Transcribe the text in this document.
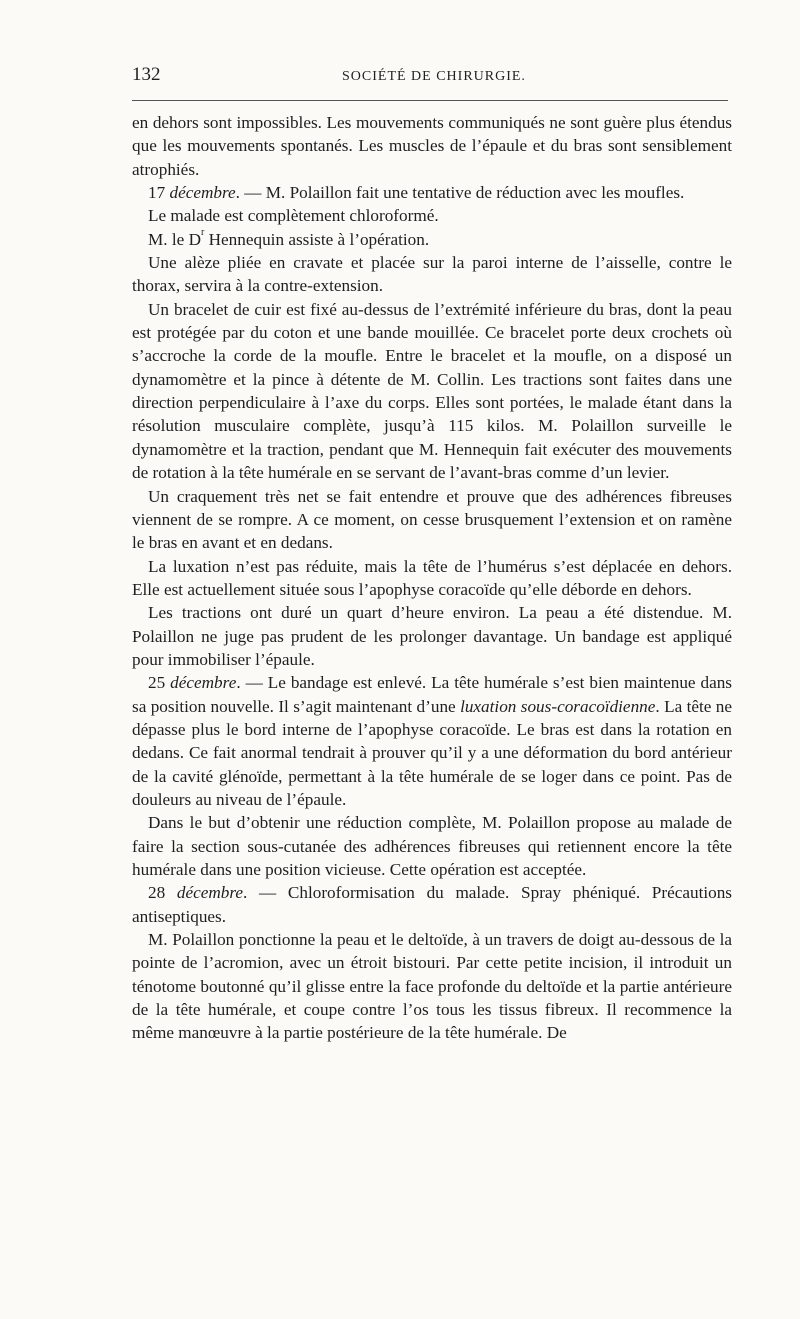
132	SOCIÉTÉ DE CHIRURGIE.

en dehors sont impossibles. Les mouvements communiqués ne sont guère plus étendus que les mouvements spontanés. Les muscles de l’épaule et du bras sont sensiblement atrophiés.

17 décembre. — M. Polaillon fait une tentative de réduction avec les moufles.

Le malade est complètement chloroformé.

M. le $D^r$ Hennequin assiste à l’opération.

Une alèze pliée en cravate et placée sur la paroi interne de l’aisselle, contre le thorax, servira à la contre-extension.

Un bracelet de cuir est fixé au-dessus de l’extrémité inférieure du bras, dont la peau est protégée par du coton et une bande mouillée. Ce bracelet porte deux crochets où s’accroche la corde de la moufle. Entre le bracelet et la moufle, on a disposé un dynamomètre et la pince à détente de M. Collin. Les tractions sont faites dans une direction perpendiculaire à l’axe du corps. Elles sont portées, le malade étant dans la résolution musculaire complète, jusqu’à 115 kilos. M. Polaillon surveille le dynamomètre et la traction, pendant que M. Hennequin fait exécuter des mouvements de rotation à la tête humérale en se servant de l’avant-bras comme d’un levier.

Un craquement très net se fait entendre et prouve que des adhérences fibreuses viennent de se rompre. A ce moment, on cesse brusquement l’extension et on ramène le bras en avant et en dedans.

La luxation n’est pas réduite, mais la tête de l’humérus s’est déplacée en dehors. Elle est actuellement située sous l’apophyse coracoïde qu’elle déborde en dehors.

Les tractions ont duré un quart d’heure environ. La peau a été distendue. M. Polaillon ne juge pas prudent de les prolonger davantage. Un bandage est appliqué pour immobiliser l’épaule.

25 décembre. — Le bandage est enlevé. La tête humérale s’est bien maintenue dans sa position nouvelle. Il s’agit maintenant d’une luxation sous-coracoïdienne. La tête ne dépasse plus le bord interne de l’apophyse coracoïde. Le bras est dans la rotation en dedans. Ce fait anormal tendrait à prouver qu’il y a une déformation du bord antérieur de la cavité glénoïde, permettant à la tête humérale de se loger dans ce point. Pas de douleurs au niveau de l’épaule.

Dans le but d’obtenir une réduction complète, M. Polaillon propose au malade de faire la section sous-cutanée des adhérences fibreuses qui retiennent encore la tête humérale dans une position vicieuse. Cette opération est acceptée.

28 décembre. — Chloroformisation du malade. Spray phéniqué. Précautions antiseptiques.

M. Polaillon ponctionne la peau et le deltoïde, à un travers de doigt au-dessous de la pointe de l’acromion, avec un étroit bistouri. Par cette petite incision, il introduit un ténotome boutonné qu’il glisse entre la face profonde du deltoïde et la partie antérieure de la tête humérale, et coupe contre l’os tous les tissus fibreux. Il recommence la même manœuvre à la partie postérieure de la tête humérale. De
